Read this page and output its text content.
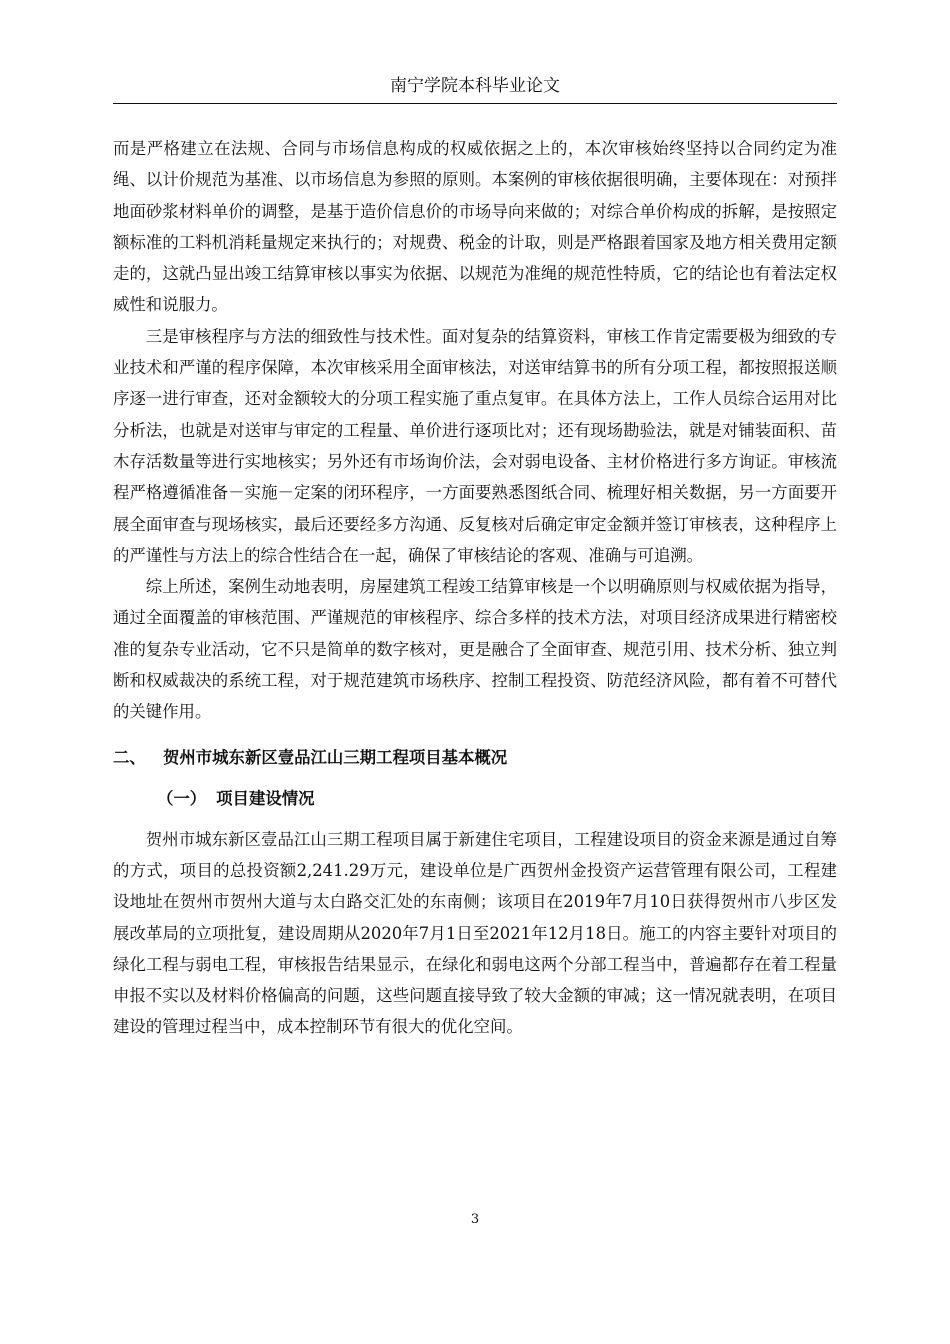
南宁学院本科毕业论文

而是严格建立在法规、合同与市场信息构成的权威依据之上的，本次审核始终坚持以合同约定为准绳、以计价规范为基准、以市场信息为参照的原则。本案例的审核依据很明确，主要体现在：对预拌地面砂浆材料单价的调整，是基于造价信息价的市场导向来做的；对综合单价构成的拆解，是按照定额标准的工料机消耗量规定来执行的；对规费、税金的计取，则是严格跟着国家及地方相关费用定额走的，这就凸显出竣工结算审核以事实为依据、以规范为准绳的规范性特质，它的结论也有着法定权威性和说服力。

三是审核程序与方法的细致性与技术性。面对复杂的结算资料，审核工作肯定需要极为细致的专业技术和严谨的程序保障，本次审核采用全面审核法，对送审结算书的所有分项工程，都按照报送顺序逐一进行审查，还对金额较大的分项工程实施了重点复审。在具体方法上，工作人员综合运用对比分析法，也就是对送审与审定的工程量、单价进行逐项比对；还有现场勘验法，就是对铺装面积、苗木存活数量等进行实地核实；另外还有市场询价法，会对弱电设备、主材价格进行多方询证。审核流程严格遵循准备－实施－定案的闭环程序，一方面要熟悉图纸合同、梳理好相关数据，另一方面要开展全面审查与现场核实，最后还要经多方沟通、反复核对后确定审定金额并签订审核表，这种程序上的严谨性与方法上的综合性结合在一起，确保了审核结论的客观、准确与可追溯。

综上所述，案例生动地表明，房屋建筑工程竣工结算审核是一个以明确原则与权威依据为指导，通过全面覆盖的审核范围、严谨规范的审核程序、综合多样的技术方法，对项目经济成果进行精密校准的复杂专业活动，它不只是简单的数字核对，更是融合了全面审查、规范引用、技术分析、独立判断和权威裁决的系统工程，对于规范建筑市场秩序、控制工程投资、防范经济风险，都有着不可替代的关键作用。

二、 贺州市城东新区壹品江山三期工程项目基本概况
（一） 项目建设情况

贺州市城东新区壹品江山三期工程项目属于新建住宅项目，工程建设项目的资金来源是通过自筹的方式，项目的总投资额2,241.29万元，建设单位是广西贺州金投资产运营管理有限公司，工程建设地址在贺州市贺州大道与太白路交汇处的东南侧；该项目在2019年7月10日获得贺州市八步区发展改革局的立项批复，建设周期从2020年7月1日至2021年12月18日。施工的内容主要针对项目的绿化工程与弱电工程，审核报告结果显示，在绿化和弱电这两个分部工程当中，普遍都存在着工程量申报不实以及材料价格偏高的问题，这些问题直接导致了较大金额的审减；这一情况就表明，在项目建设的管理过程当中，成本控制环节有很大的优化空间。

3
